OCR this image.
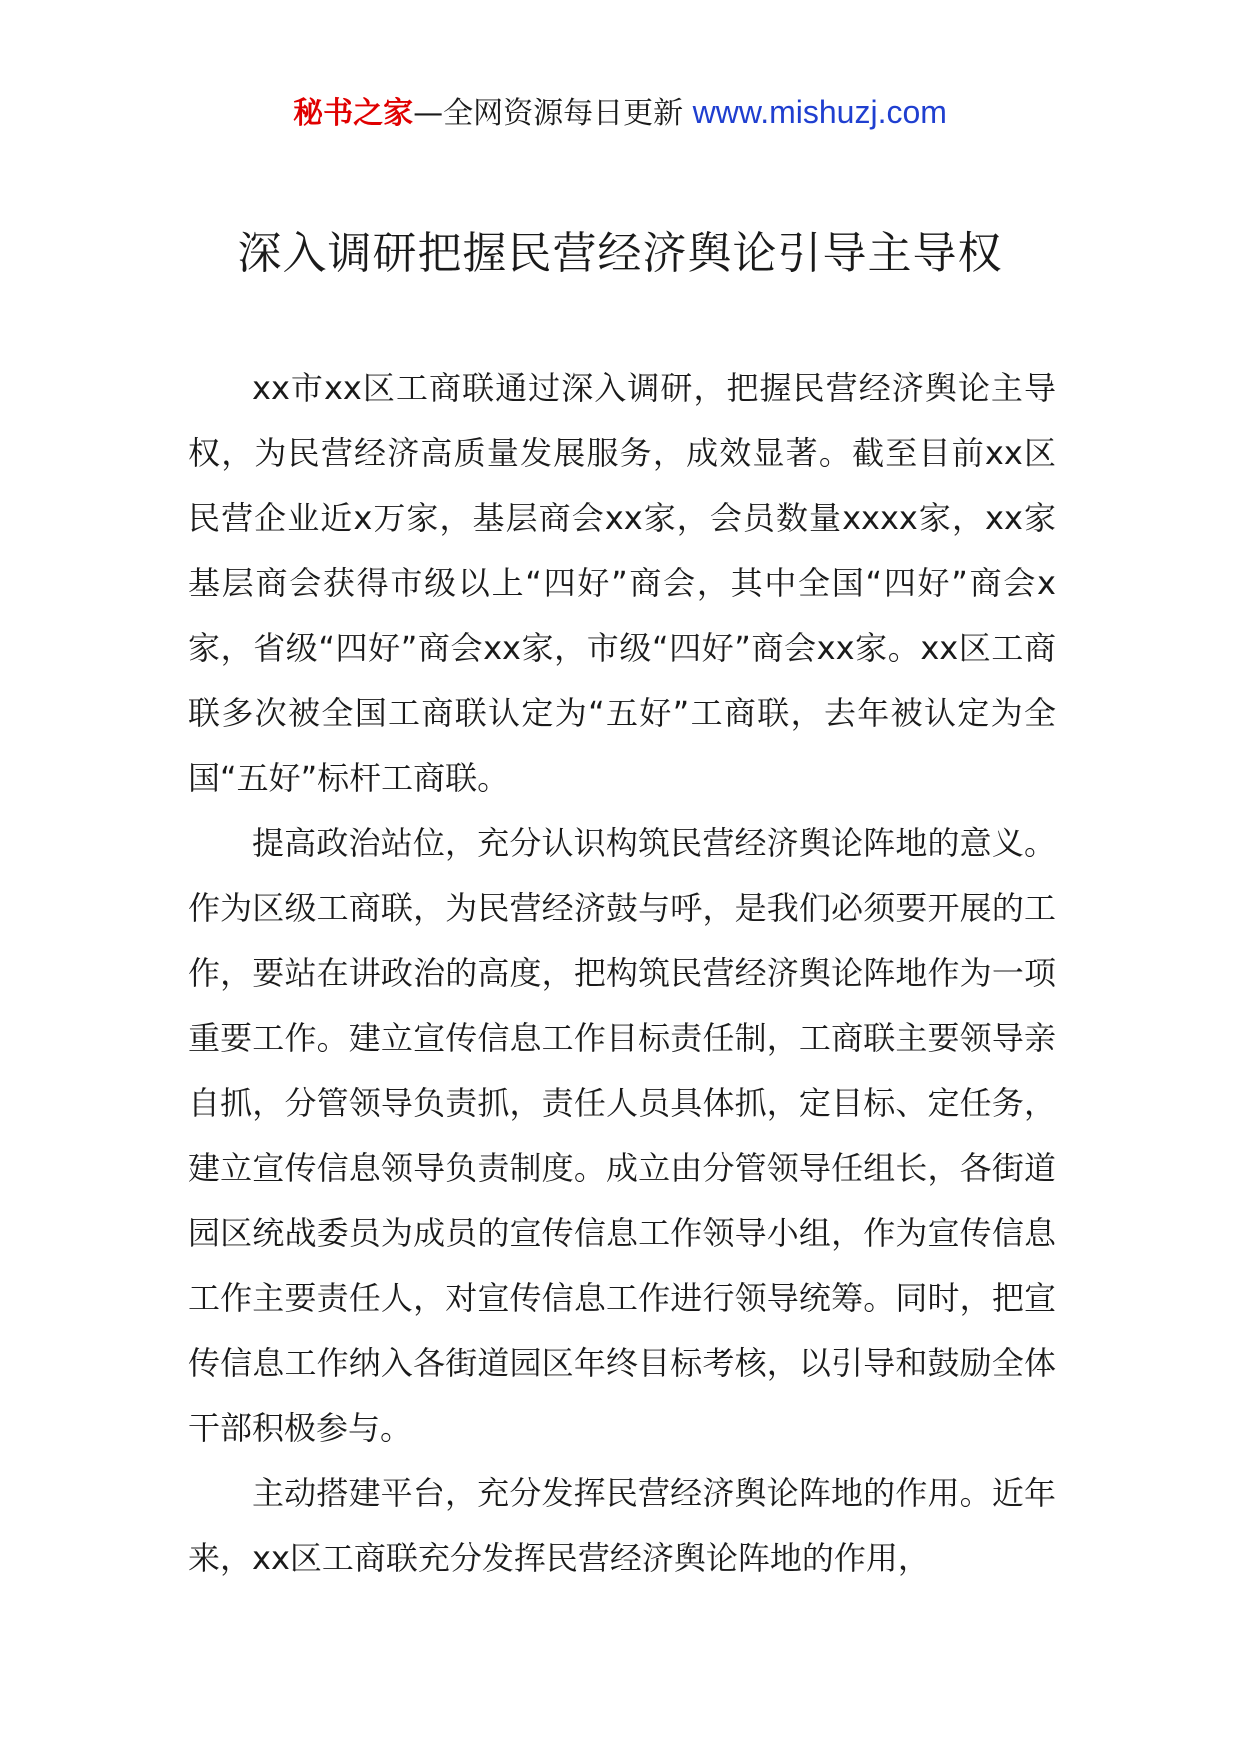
秘书之家—全网资源每日更新 www.mishuzj.com
深入调研把握民营经济舆论引导主导权

xx市xx区工商联通过深入调研，把握民营经济舆论主导权，为民营经济高质量发展服务，成效显著。截至目前xx区民营企业近x万家，基层商会xx家，会员数量xxxx家，xx家基层商会获得市级以上“四好”商会，其中全国“四好”商会x家，省级“四好”商会xx家，市级“四好”商会xx家。xx区工商联多次被全国工商联认定为“五好”工商联，去年被认定为全国“五好”标杆工商联。

提高政治站位，充分认识构筑民营经济舆论阵地的意义。作为区级工商联，为民营经济鼓与呼，是我们必须要开展的工作，要站在讲政治的高度，把构筑民营经济舆论阵地作为一项重要工作。建立宣传信息工作目标责任制，工商联主要领导亲自抓，分管领导负责抓，责任人员具体抓，定目标、定任务，建立宣传信息领导负责制度。成立由分管领导任组长，各街道园区统战委员为成员的宣传信息工作领导小组，作为宣传信息工作主要责任人，对宣传信息工作进行领导统筹。同时，把宣传信息工作纳入各街道园区年终目标考核，以引导和鼓励全体干部积极参与。

主动搭建平台，充分发挥民营经济舆论阵地的作用。近年来，xx区工商联充分发挥民营经济舆论阵地的作用，
